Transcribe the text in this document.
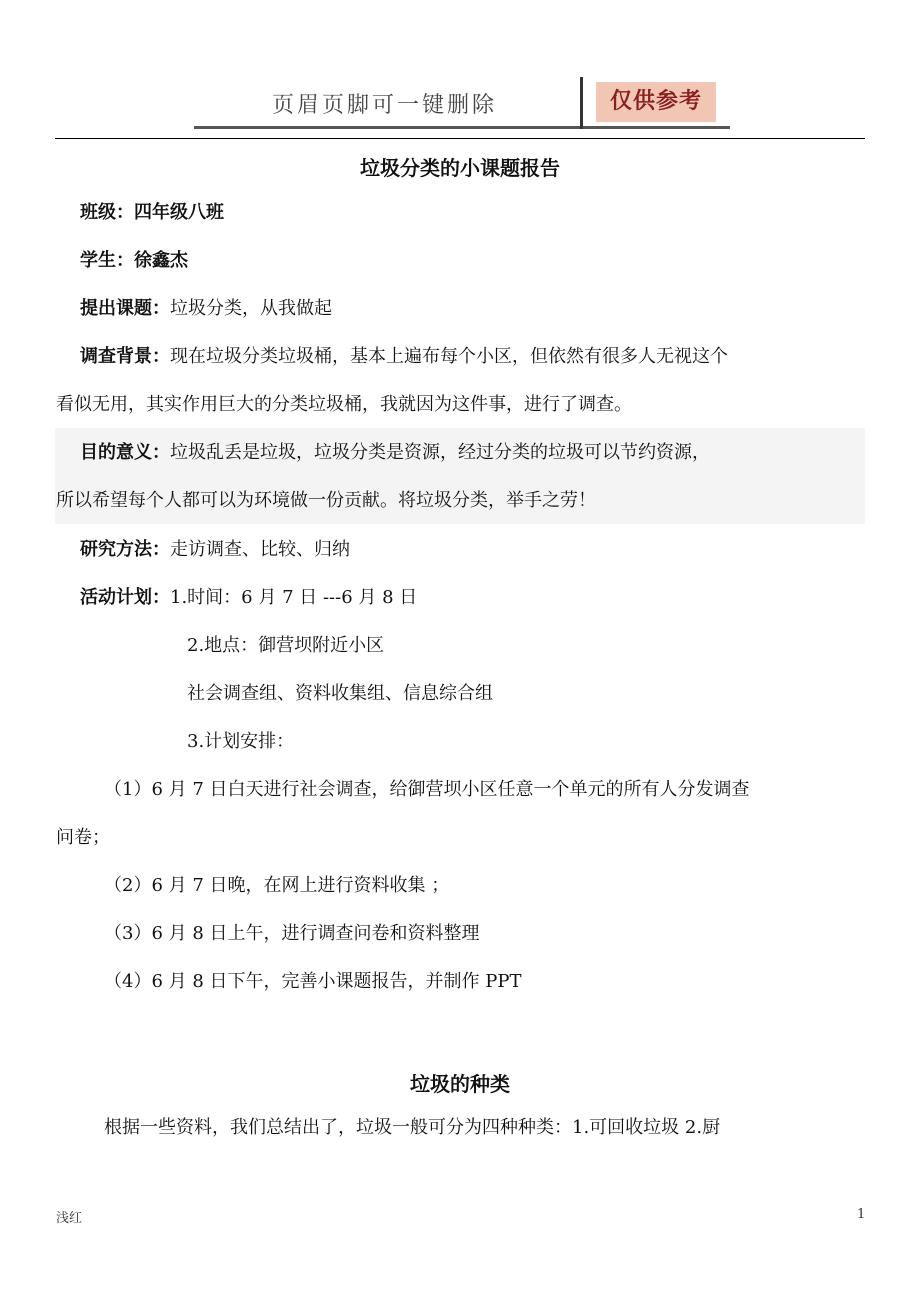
页眉页脚可一键删除	仅供参考
垃圾分类的小课题报告
班级：四年级八班
学生：徐鑫杰
提出课题：垃圾分类，从我做起
调查背景：现在垃圾分类垃圾桶，基本上遍布每个小区，但依然有很多人无视这个
看似无用，其实作用巨大的分类垃圾桶，我就因为这件事，进行了调查。
目的意义：垃圾乱丢是垃圾，垃圾分类是资源，经过分类的垃圾可以节约资源，
所以希望每个人都可以为环境做一份贡献。将垃圾分类，举手之劳！
研究方法：走访调查、比较、归纳
活动计划：1.时间：6 月 7 日 ---6 月 8 日
2.地点：御营坝附近小区
社会调查组、资料收集组、信息综合组
3.计划安排：
（1）6 月 7 日白天进行社会调查，给御营坝小区任意一个单元的所有人分发调查
问卷；
（2）6 月 7 日晚，在网上进行资料收集 ；
（3）6 月 8 日上午，进行调查问卷和资料整理
（4）6 月 8 日下午，完善小课题报告，并制作 PPT
垃圾的种类
根据一些资料，我们总结出了，垃圾一般可分为四种种类：1.可回收垃圾 2.厨
浅红	1
